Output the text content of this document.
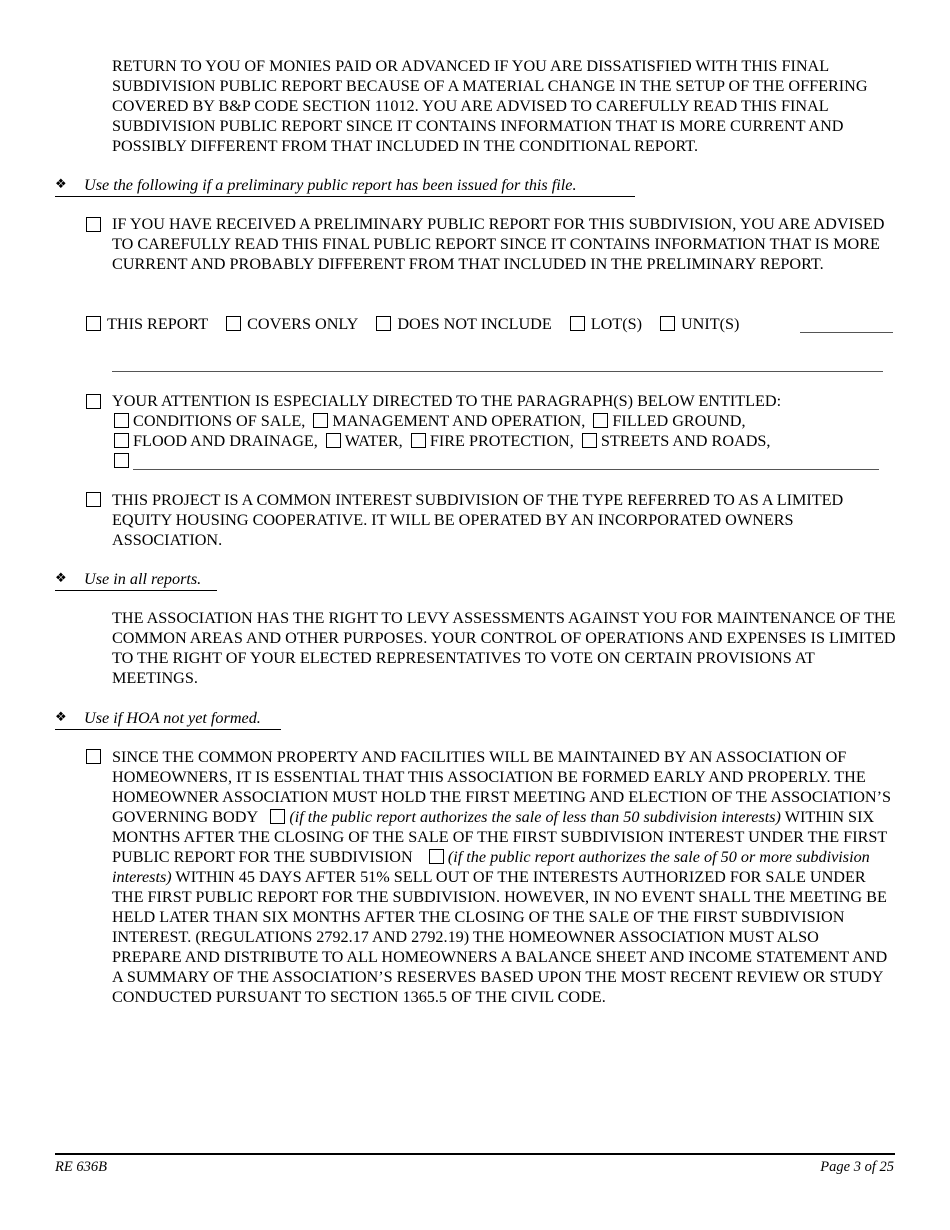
RETURN TO YOU OF MONIES PAID OR ADVANCED IF YOU ARE DISSATISFIED WITH THIS FINAL SUBDIVISION PUBLIC REPORT BECAUSE OF A MATERIAL CHANGE IN THE SETUP OF THE OFFERING COVERED BY B&P CODE SECTION 11012. YOU ARE ADVISED TO CAREFULLY READ THIS FINAL SUBDIVISION PUBLIC REPORT SINCE IT CONTAINS INFORMATION THAT IS MORE CURRENT AND POSSIBLY DIFFERENT FROM THAT INCLUDED IN THE CONDITIONAL REPORT.

❖ Use the following if a preliminary public report has been issued for this file.

IF YOU HAVE RECEIVED A PRELIMINARY PUBLIC REPORT FOR THIS SUBDIVISION, YOU ARE ADVISED TO CAREFULLY READ THIS FINAL PUBLIC REPORT SINCE IT CONTAINS INFORMATION THAT IS MORE CURRENT AND PROBABLY DIFFERENT FROM THAT INCLUDED IN THE PRELIMINARY REPORT.

THIS REPORT COVERS ONLY DOES NOT INCLUDE LOT(S) UNIT(S)
YOUR ATTENTION IS ESPECIALLY DIRECTED TO THE PARAGRAPH(S) BELOW ENTITLED:
CONDITIONS OF SALE, MANAGEMENT AND OPERATION, FILLED GROUND,
FLOOD AND DRAINAGE, WATER, FIRE PROTECTION, STREETS AND ROADS,

THIS PROJECT IS A COMMON INTEREST SUBDIVISION OF THE TYPE REFERRED TO AS A LIMITED EQUITY HOUSING COOPERATIVE. IT WILL BE OPERATED BY AN INCORPORATED OWNERS ASSOCIATION.

❖ Use in all reports.

THE ASSOCIATION HAS THE RIGHT TO LEVY ASSESSMENTS AGAINST YOU FOR MAINTENANCE OF THE COMMON AREAS AND OTHER PURPOSES. YOUR CONTROL OF OPERATIONS AND EXPENSES IS LIMITED TO THE RIGHT OF YOUR ELECTED REPRESENTATIVES TO VOTE ON CERTAIN PROVISIONS AT MEETINGS.

❖ Use if HOA not yet formed.

SINCE THE COMMON PROPERTY AND FACILITIES WILL BE MAINTAINED BY AN ASSOCIATION OF HOMEOWNERS, IT IS ESSENTIAL THAT THIS ASSOCIATION BE FORMED EARLY AND PROPERLY. THE HOMEOWNER ASSOCIATION MUST HOLD THE FIRST MEETING AND ELECTION OF THE ASSOCIATION’S GOVERNING BODY (if the public report authorizes the sale of less than 50 subdivision interests) WITHIN SIX MONTHS AFTER THE CLOSING OF THE SALE OF THE FIRST SUBDIVISION INTEREST UNDER THE FIRST PUBLIC REPORT FOR THE SUBDIVISION (if the public report authorizes the sale of 50 or more subdivision interests) WITHIN 45 DAYS AFTER 51% SELL OUT OF THE INTERESTS AUTHORIZED FOR SALE UNDER THE FIRST PUBLIC REPORT FOR THE SUBDIVISION. HOWEVER, IN NO EVENT SHALL THE MEETING BE HELD LATER THAN SIX MONTHS AFTER THE CLOSING OF THE SALE OF THE FIRST SUBDIVISION INTEREST. (REGULATIONS 2792.17 AND 2792.19) THE HOMEOWNER ASSOCIATION MUST ALSO PREPARE AND DISTRIBUTE TO ALL HOMEOWNERS A BALANCE SHEET AND INCOME STATEMENT AND A SUMMARY OF THE ASSOCIATION’S RESERVES BASED UPON THE MOST RECENT REVIEW OR STUDY CONDUCTED PURSUANT TO SECTION 1365.5 OF THE CIVIL CODE.

RE 636B	Page 3 of 25
